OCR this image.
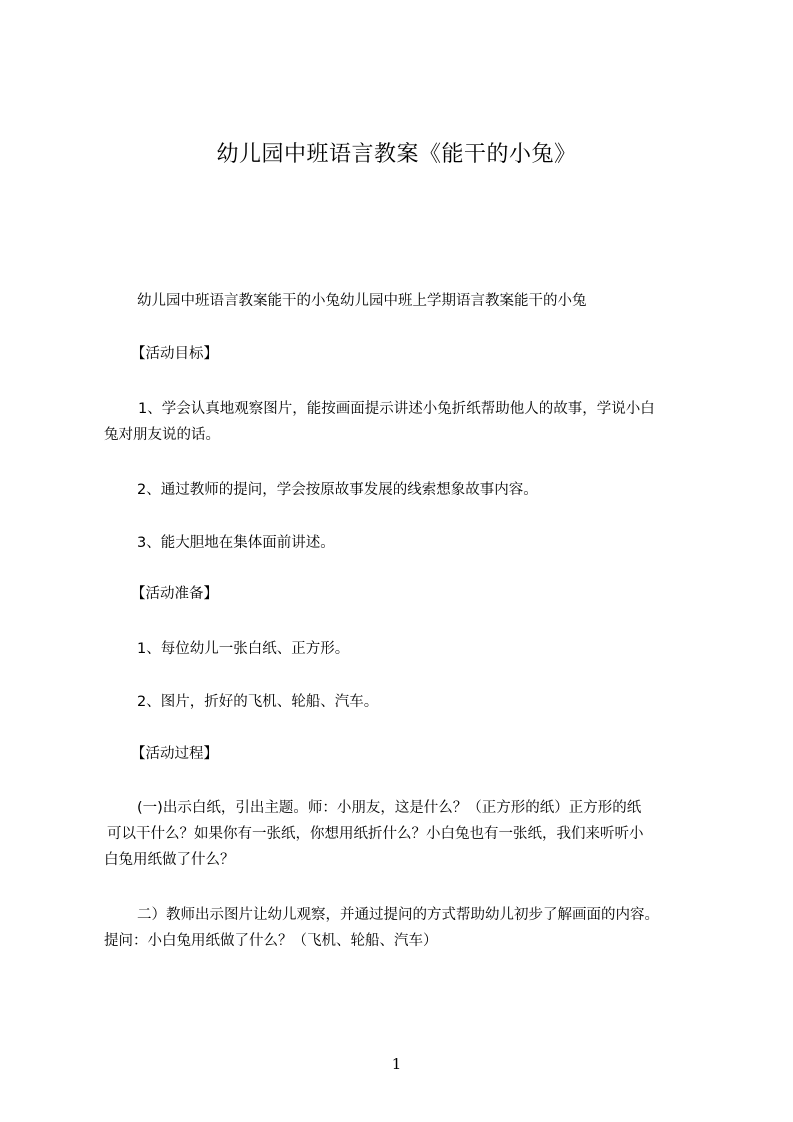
幼儿园中班语言教案《能干的小兔》
幼儿园中班语言教案能干的小兔幼儿园中班上学期语言教案能干的小兔
【活动目标】
1、学会认真地观察图片，能按画面提示讲述小兔折纸帮助他人的故事，学说小白
兔对朋友说的话。
2、通过教师的提问，学会按原故事发展的线索想象故事内容。
3、能大胆地在集体面前讲述。
【活动准备】
1、每位幼儿一张白纸、正方形。
2、图片，折好的飞机、轮船、汽车。
【活动过程】
(一)出示白纸，引出主题。师：小朋友，这是什么？（正方形的纸）正方形的纸
可以干什么？如果你有一张纸，你想用纸折什么？小白兔也有一张纸，我们来听听小
白兔用纸做了什么？
二）教师出示图片让幼儿观察，并通过提问的方式帮助幼儿初步了解画面的内容。
提问：小白兔用纸做了什么？（飞机、轮船、汽车）
1
